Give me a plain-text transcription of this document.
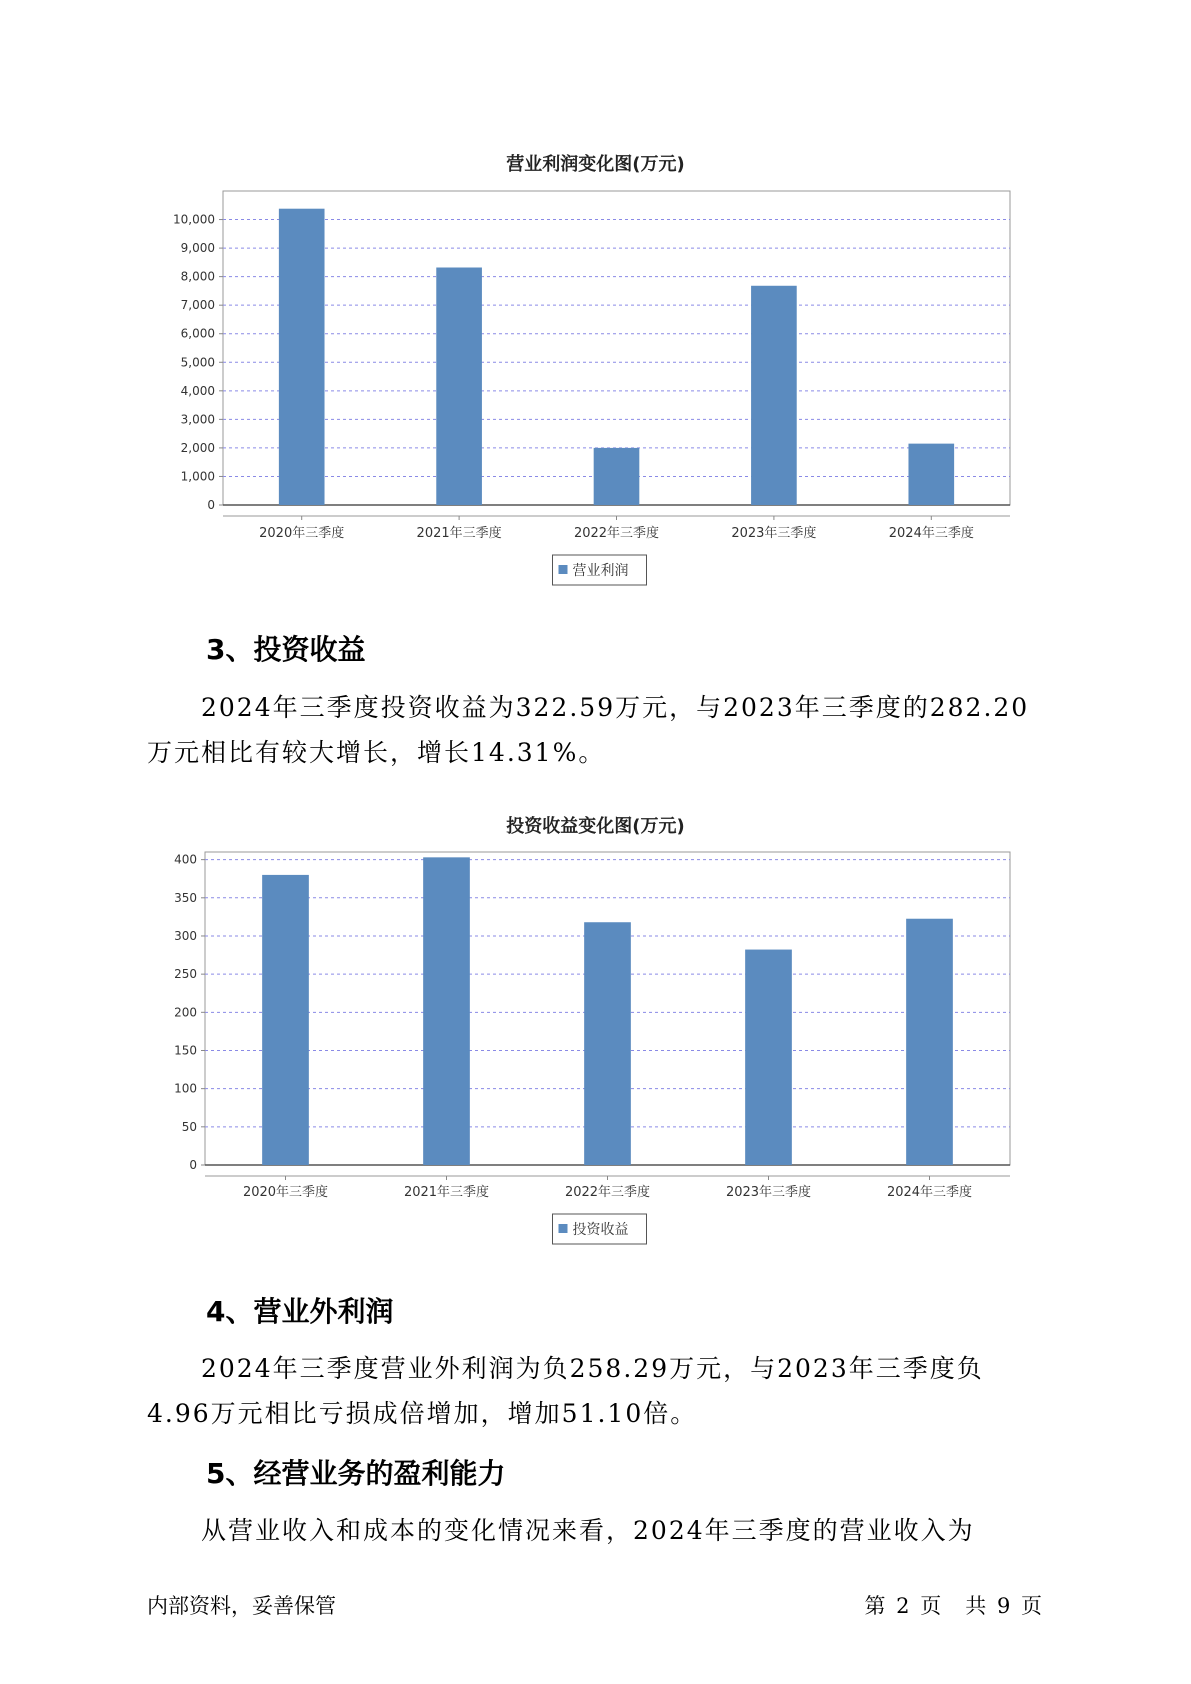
营业利润变化图(万元)
0
1,000
2,000
3,000
4,000
5,000
6,000
7,000
8,000
9,000
10,000
2020年三季度	2021年三季度	2022年三季度	2023年三季度	2024年三季度
营业利润
3、投资收益
2024年三季度投资收益为322.59万元，与2023年三季度的282.20万元相比有较大增长，增长14.31%。
投资收益变化图(万元)
0
50
100
150
200
250
300
350
400
2020年三季度	2021年三季度	2022年三季度	2023年三季度	2024年三季度
投资收益
4、营业外利润
2024年三季度营业外利润为负258.29万元，与2023年三季度负4.96万元相比亏损成倍增加，增加51.10倍。
5、经营业务的盈利能力
从营业收入和成本的变化情况来看，2024年三季度的营业收入为
内部资料，妥善保管	第 2 页 共 9 页
